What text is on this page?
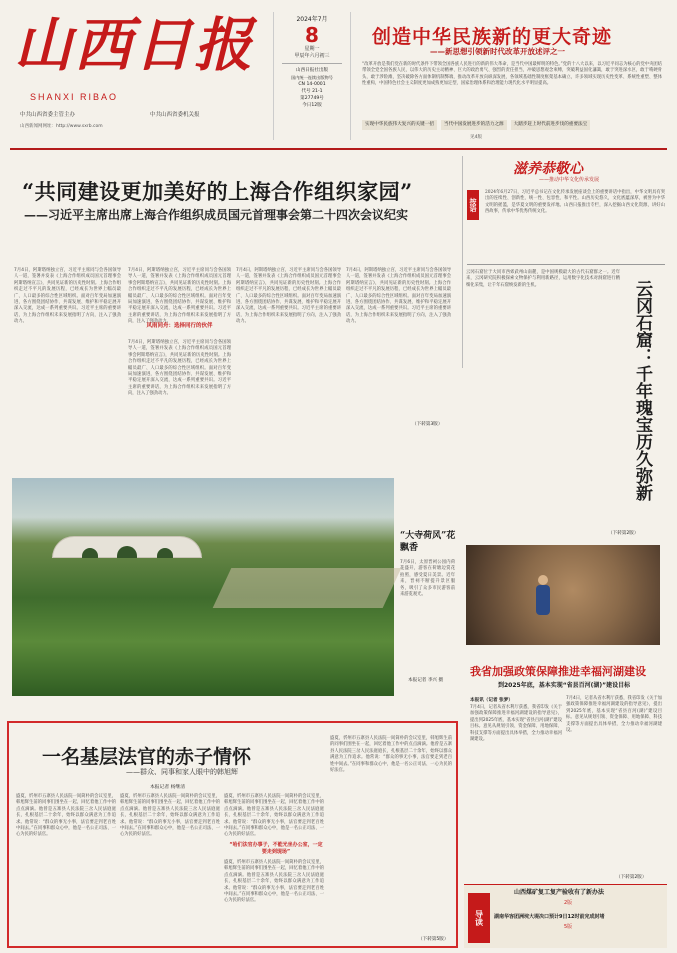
山西日报
SHANXI RIBAO
中共山西省委主管主办	中共山西省委机关报
山西新闻网网址：http://www.sxrb.com
2024年7月
8
星期一
甲辰年六月初三
山西日报社出版
国内统一连续出版物号
CN 14-0001
代号 21-1
第27749号
今日12版
创造中华民族新的更大奇迹
——新思想引领新时代改革开放述评之一
“改革开放是我们党在新的时代条件下带领全国各族人民进行的新的伟大革命，是当代中国最鲜明的特色。”党的十八大以来，以习近平同志为核心的党中央团结带领全党全国各族人民，以伟大的历史主动精神、巨大的政治勇气、强烈的责任担当，冲破思想观念束缚，突破利益固化藩篱，敢于突进深水区，敢于啃硬骨头，敢于涉险滩，坚决破除各方面体制机制弊端，推动改革开放向纵深发展，各领域基础性制度框架基本确立，许多领域实现历史性变革、系统性重塑、整体性重构，中国特色社会主义制度更加成熟更加定型，国家治理体系和治理能力现代化水平明显提高。
实现中华民族伟大复兴的关键一招	当代中国发展进步的活力之源	大踏步赶上时代前进步伐的重要法宝
见4版
“共同建设更加美好的上海合作组织家园”
——习近平主席出席上海合作组织成员国元首理事会第二十四次会议纪实
7月4日，阿斯塔纳独立宫，习近平主席同与会各国领导人一道，签署并发表《上海合作组织成员国元首理事会阿斯塔纳宣言》，共同见证新的历史性时刻。上海合作组织走过不平凡的发展历程，已经成长为世界上幅员最广、人口最多的综合性区域组织。面对百年变局加速演进，各方围绕团结协作、共谋发展、维护和平稳定展开深入交流，达成一系列重要共识。习近平主席的重要讲话，为上海合作组织未来发展指明了方向，注入了强劲动力。
7月4日，阿斯塔纳独立宫，习近平主席同与会各国领导人一道，签署并发表《上海合作组织成员国元首理事会阿斯塔纳宣言》，共同见证新的历史性时刻。上海合作组织走过不平凡的发展历程，已经成长为世界上幅员最广、人口最多的综合性区域组织。面对百年变局加速演进，各方围绕团结协作、共谋发展、维护和平稳定展开深入交流，达成一系列重要共识。习近平主席的重要讲话，为上海合作组织未来发展指明了方向，注入了强劲动力。
风雨同舟：选择同行的伙伴
7月4日，阿斯塔纳独立宫，习近平主席同与会各国领导人一道，签署并发表《上海合作组织成员国元首理事会阿斯塔纳宣言》，共同见证新的历史性时刻。上海合作组织走过不平凡的发展历程，已经成长为世界上幅员最广、人口最多的综合性区域组织。面对百年变局加速演进，各方围绕团结协作、共谋发展、维护和平稳定展开深入交流，达成一系列重要共识。习近平主席的重要讲话，为上海合作组织未来发展指明了方向，注入了强劲动力。
7月4日，阿斯塔纳独立宫，习近平主席同与会各国领导人一道，签署并发表《上海合作组织成员国元首理事会阿斯塔纳宣言》，共同见证新的历史性时刻。上海合作组织走过不平凡的发展历程，已经成长为世界上幅员最广、人口最多的综合性区域组织。面对百年变局加速演进，各方围绕团结协作、共谋发展、维护和平稳定展开深入交流，达成一系列重要共识。习近平主席的重要讲话，为上海合作组织未来发展指明了方向，注入了强劲动力。
7月4日，阿斯塔纳独立宫，习近平主席同与会各国领导人一道，签署并发表《上海合作组织成员国元首理事会阿斯塔纳宣言》，共同见证新的历史性时刻。上海合作组织走过不平凡的发展历程，已经成长为世界上幅员最广、人口最多的综合性区域组织。面对百年变局加速演进，各方围绕团结协作、共谋发展、维护和平稳定展开深入交流，达成一系列重要共识。习近平主席的重要讲话，为上海合作组织未来发展指明了方向，注入了强劲动力。
（下转第3版）
滋养恭敬心
——推动中华文化传承发展
按语
2024年6月27日，习近平总书记在文化传承发展座谈会上的重要讲话中指出，中华文明具有突出的连续性、创新性、统一性、包容性、和平性。山西历史悠久，文化底蕴深厚，被誉为中华文明的摇篮，是华夏文明的重要发祥地。山西日报推出专栏，深入挖掘山西文化资源，讲好山西故事，传承中华优秀传统文化。
云冈石窟位于大同市西郊武州山南麓，是中国规模最大的古代石窟群之一。近年来，云冈研究院积极探索文物保护与利用新路径，运用数字化技术对洞窟进行精细化采集，让千年石窟焕发新的生机。	云冈石窟：千年瑰宝历久弥新
（下转第2版）
“大寺荷风”花飘香
7月6日，太原晋祠公园内荷花盛开，游客在荷塘边赏花拍照，感受夏日美景。近年来，晋祠不断提升景区服务，吸引了众多市民游客前来游览观光。
本报记者 李兴 摄
一名基层法官的赤子情怀
——群众、同事和家人眼中的韩旭辉
本报记者 杨继清
盛夏，忻州市五寨县人民法院一间简朴的会议室里，韩旭辉生前的同事们围坐在一起，回忆着他工作中的点点滴滴。他曾是五寨县人民法院三岔人民法庭庭长，扎根基层二十余年，始终以群众满意为工作追求。他常说：“群众的事无小事，法官要走到老百姓中间去。”在同事和群众心中，他是一名公正司法、一心为民的好法官。
盛夏，忻州市五寨县人民法院一间简朴的会议室里，韩旭辉生前的同事们围坐在一起，回忆着他工作中的点点滴滴。他曾是五寨县人民法院三岔人民法庭庭长，扎根基层二十余年，始终以群众满意为工作追求。他常说：“群众的事无小事，法官要走到老百姓中间去。”在同事和群众心中，他是一名公正司法、一心为民的好法官。
盛夏，忻州市五寨县人民法院一间简朴的会议室里，韩旭辉生前的同事们围坐在一起，回忆着他工作中的点点滴滴。他曾是五寨县人民法院三岔人民法庭庭长，扎根基层二十余年，始终以群众满意为工作追求。他常说：“群众的事无小事，法官要走到老百姓中间去。”在同事和群众心中，他是一名公正司法、一心为民的好法官。
“哈们法官办事子，不能光坐办公室，一定要走到现场”
盛夏，忻州市五寨县人民法院一间简朴的会议室里，韩旭辉生前的同事们围坐在一起，回忆着他工作中的点点滴滴。他曾是五寨县人民法院三岔人民法庭庭长，扎根基层二十余年，始终以群众满意为工作追求。他常说：“群众的事无小事，法官要走到老百姓中间去。”在同事和群众心中，他是一名公正司法、一心为民的好法官。
盛夏，忻州市五寨县人民法院一间简朴的会议室里，韩旭辉生前的同事们围坐在一起，回忆着他工作中的点点滴滴。他曾是五寨县人民法院三岔人民法庭庭长，扎根基层二十余年，始终以群众满意为工作追求。他常说：“群众的事无小事，法官要走到老百姓中间去。”在同事和群众心中，他是一名公正司法、一心为民的好法官。
（下转第5版）
我省加强政策保障推进幸福河湖建设
到2025年底，基本实现“省县百河(湖)”建设目标
本报讯（记者 张梦）
7月4日，记者从省水利厅获悉，我省印发《关于加强政策保障推进幸福河湖建设的指导意见》，提出到2025年底，基本实现“省县百河(湖)”建设目标。意见从规划引领、资金保障、用地保障、科技支撑等方面提出具体举措，全力推动幸福河湖建设。
7月4日，记者从省水利厅获悉，我省印发《关于加强政策保障推进幸福河湖建设的指导意见》，提出到2025年底，基本实现“省县百河(湖)”建设目标。意见从规划引领、资金保障、用地保障、科技支撑等方面提出具体举措，全力推动幸福河湖建设。
（下转第2版）
导读
山西煤矿复工复产验收有了新办法
2版
湖南华容团洲垸大堤决口预计9日12时前完成封堵
5版
